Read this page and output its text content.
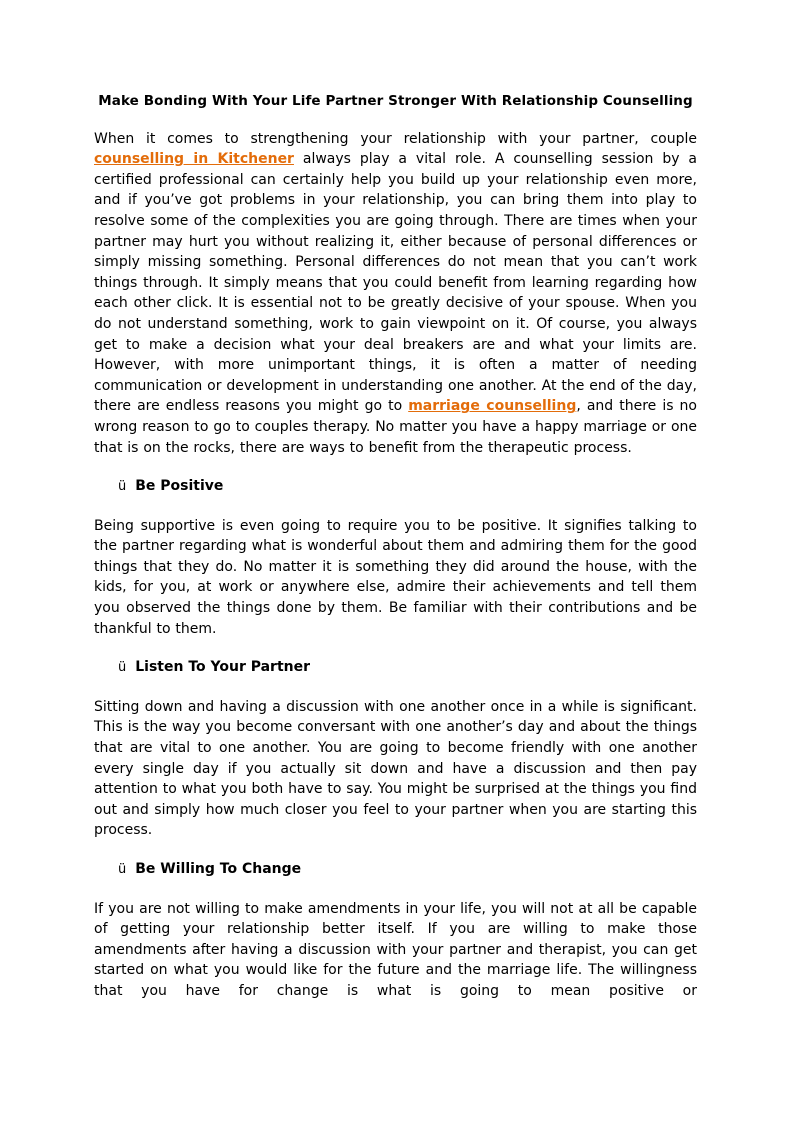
Make Bonding With Your Life Partner Stronger With Relationship Counselling

When it comes to strengthening your relationship with your partner, couple counselling in Kitchener always play a vital role. A counselling session by a certified professional can certainly help you build up your relationship even more, and if you’ve got problems in your relationship, you can bring them into play to resolve some of the complexities you are going through. There are times when your partner may hurt you without realizing it, either because of personal differences or simply missing something. Personal differences do not mean that you can’t work things through. It simply means that you could benefit from learning regarding how each other click. It is essential not to be greatly decisive of your spouse. When you do not understand something, work to gain viewpoint on it. Of course, you always get to make a decision what your deal breakers are and what your limits are. However, with more unimportant things, it is often a matter of needing communication or development in understanding one another. At the end of the day, there are endless reasons you might go to marriage counselling, and there is no wrong reason to go to couples therapy. No matter you have a happy marriage or one that is on the rocks, there are ways to benefit from the therapeutic process.

ü Be Positive

Being supportive is even going to require you to be positive. It signifies talking to the partner regarding what is wonderful about them and admiring them for the good things that they do. No matter it is something they did around the house, with the kids, for you, at work or anywhere else, admire their achievements and tell them you observed the things done by them. Be familiar with their contributions and be thankful to them.

ü Listen To Your Partner

Sitting down and having a discussion with one another once in a while is significant. This is the way you become conversant with one another’s day and about the things that are vital to one another. You are going to become friendly with one another every single day if you actually sit down and have a discussion and then pay attention to what you both have to say. You might be surprised at the things you find out and simply how much closer you feel to your partner when you are starting this process.

ü Be Willing To Change

If you are not willing to make amendments in your life, you will not at all be capable of getting your relationship better itself. If you are willing to make those amendments after having a discussion with your partner and therapist, you can get started on what you would like for the future and the marriage life. The willingness that you have for change is what is going to mean positive or
